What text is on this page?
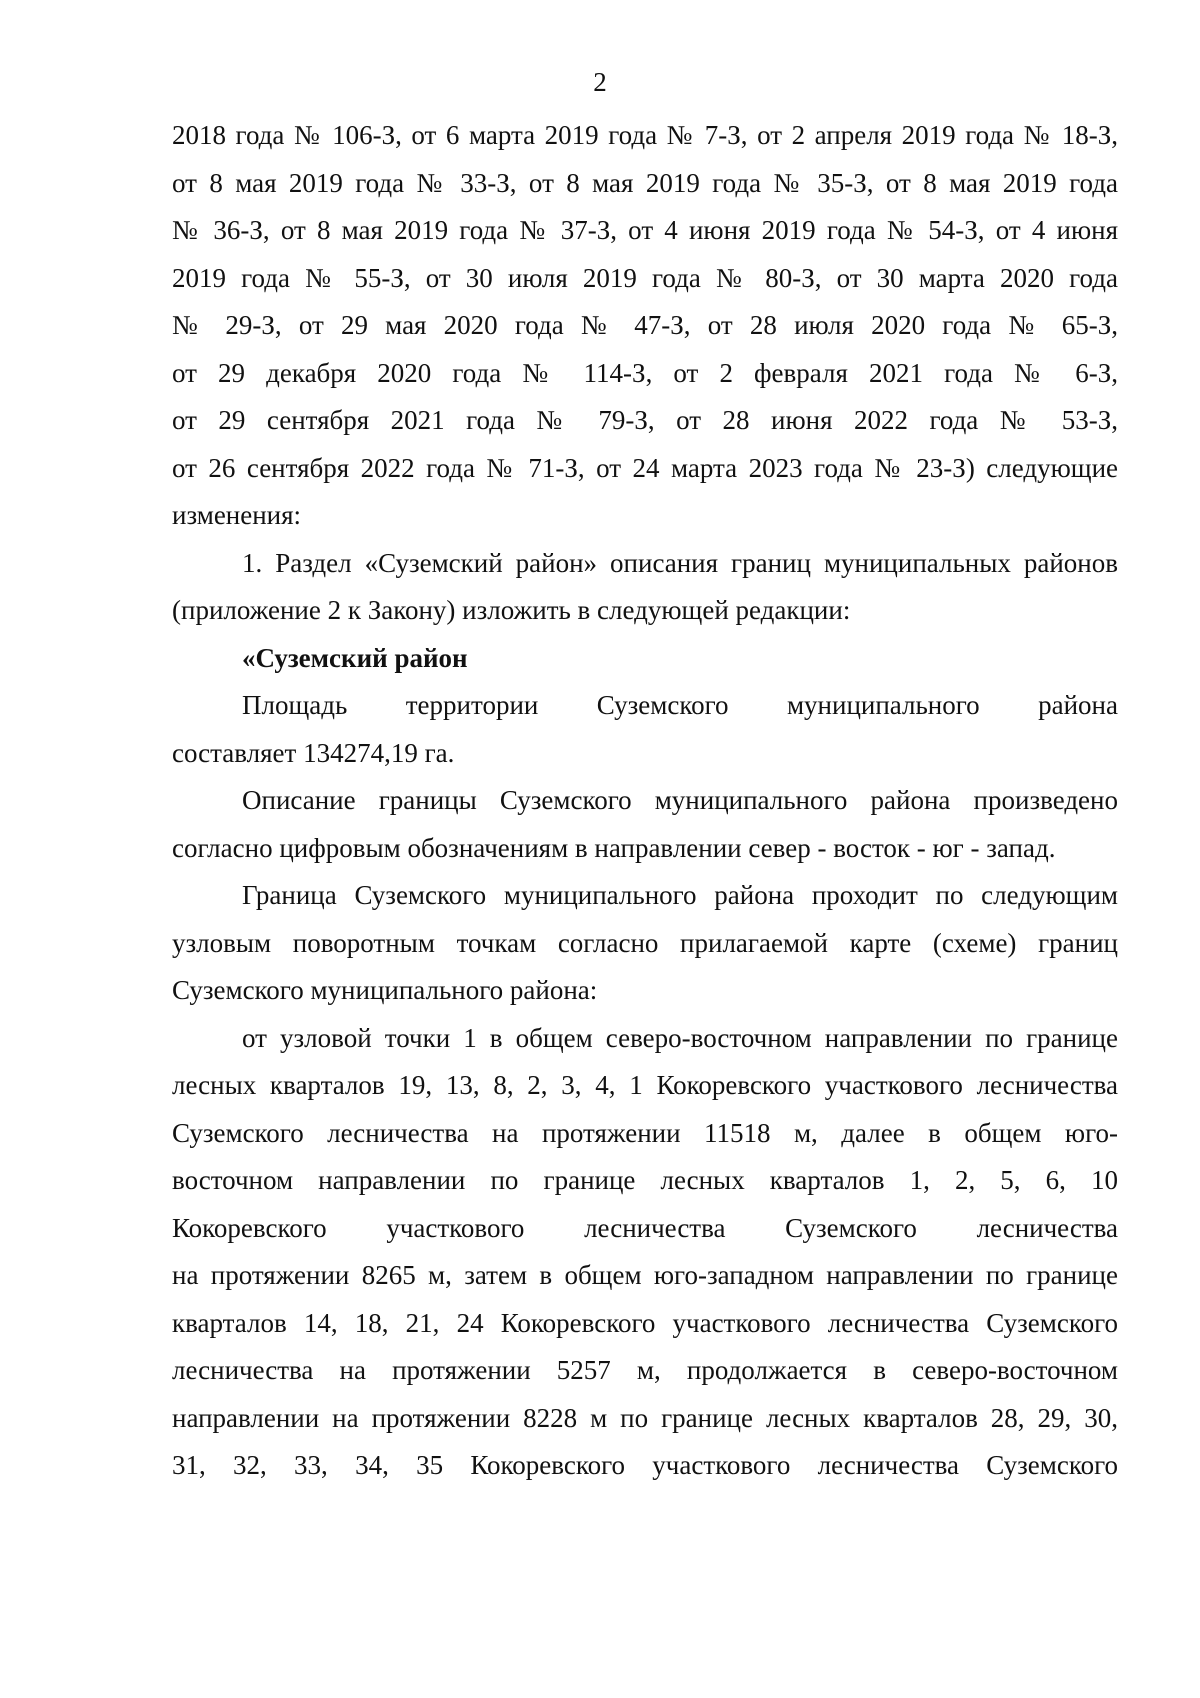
2
2018 года № 106-З, от 6 марта 2019 года № 7-З, от 2 апреля 2019 года № 18-З,
от 8 мая 2019 года № 33-З, от 8 мая 2019 года № 35-З, от 8 мая 2019 года
№ 36-З, от 8 мая 2019 года № 37-З, от 4 июня 2019 года № 54-З, от 4 июня
2019 года № 55-З, от 30 июля 2019 года № 80-З, от 30 марта 2020 года
№ 29-З, от 29 мая 2020 года № 47-З, от 28 июля 2020 года № 65-З,
от 29 декабря 2020 года № 114-З, от 2 февраля 2021 года № 6-З,
от 29 сентября 2021 года № 79-З, от 28 июня 2022 года № 53-З,
от 26 сентября 2022 года № 71-З, от 24 марта 2023 года № 23-З) следующие
изменения:
1. Раздел «Суземский район» описания границ муниципальных районов
(приложение 2 к Закону) изложить в следующей редакции:
«Суземский район
Площадь территории Суземского муниципального района
составляет 134274,19 га.
Описание границы Суземского муниципального района произведено
согласно цифровым обозначениям в направлении север - восток - юг - запад.
Граница Суземского муниципального района проходит по следующим
узловым поворотным точкам согласно прилагаемой карте (схеме) границ
Суземского муниципального района:
от узловой точки 1 в общем северо-восточном направлении по границе
лесных кварталов 19, 13, 8, 2, 3, 4, 1 Кокоревского участкового лесничества
Суземского лесничества на протяжении 11518 м, далее в общем юго-
восточном направлении по границе лесных кварталов 1, 2, 5, 6, 10
Кокоревского участкового лесничества Суземского лесничества
на протяжении 8265 м, затем в общем юго-западном направлении по границе
кварталов 14, 18, 21, 24 Кокоревского участкового лесничества Суземского
лесничества на протяжении 5257 м, продолжается в северо-восточном
направлении на протяжении 8228 м по границе лесных кварталов 28, 29, 30,
31, 32, 33, 34, 35 Кокоревского участкового лесничества Суземского
